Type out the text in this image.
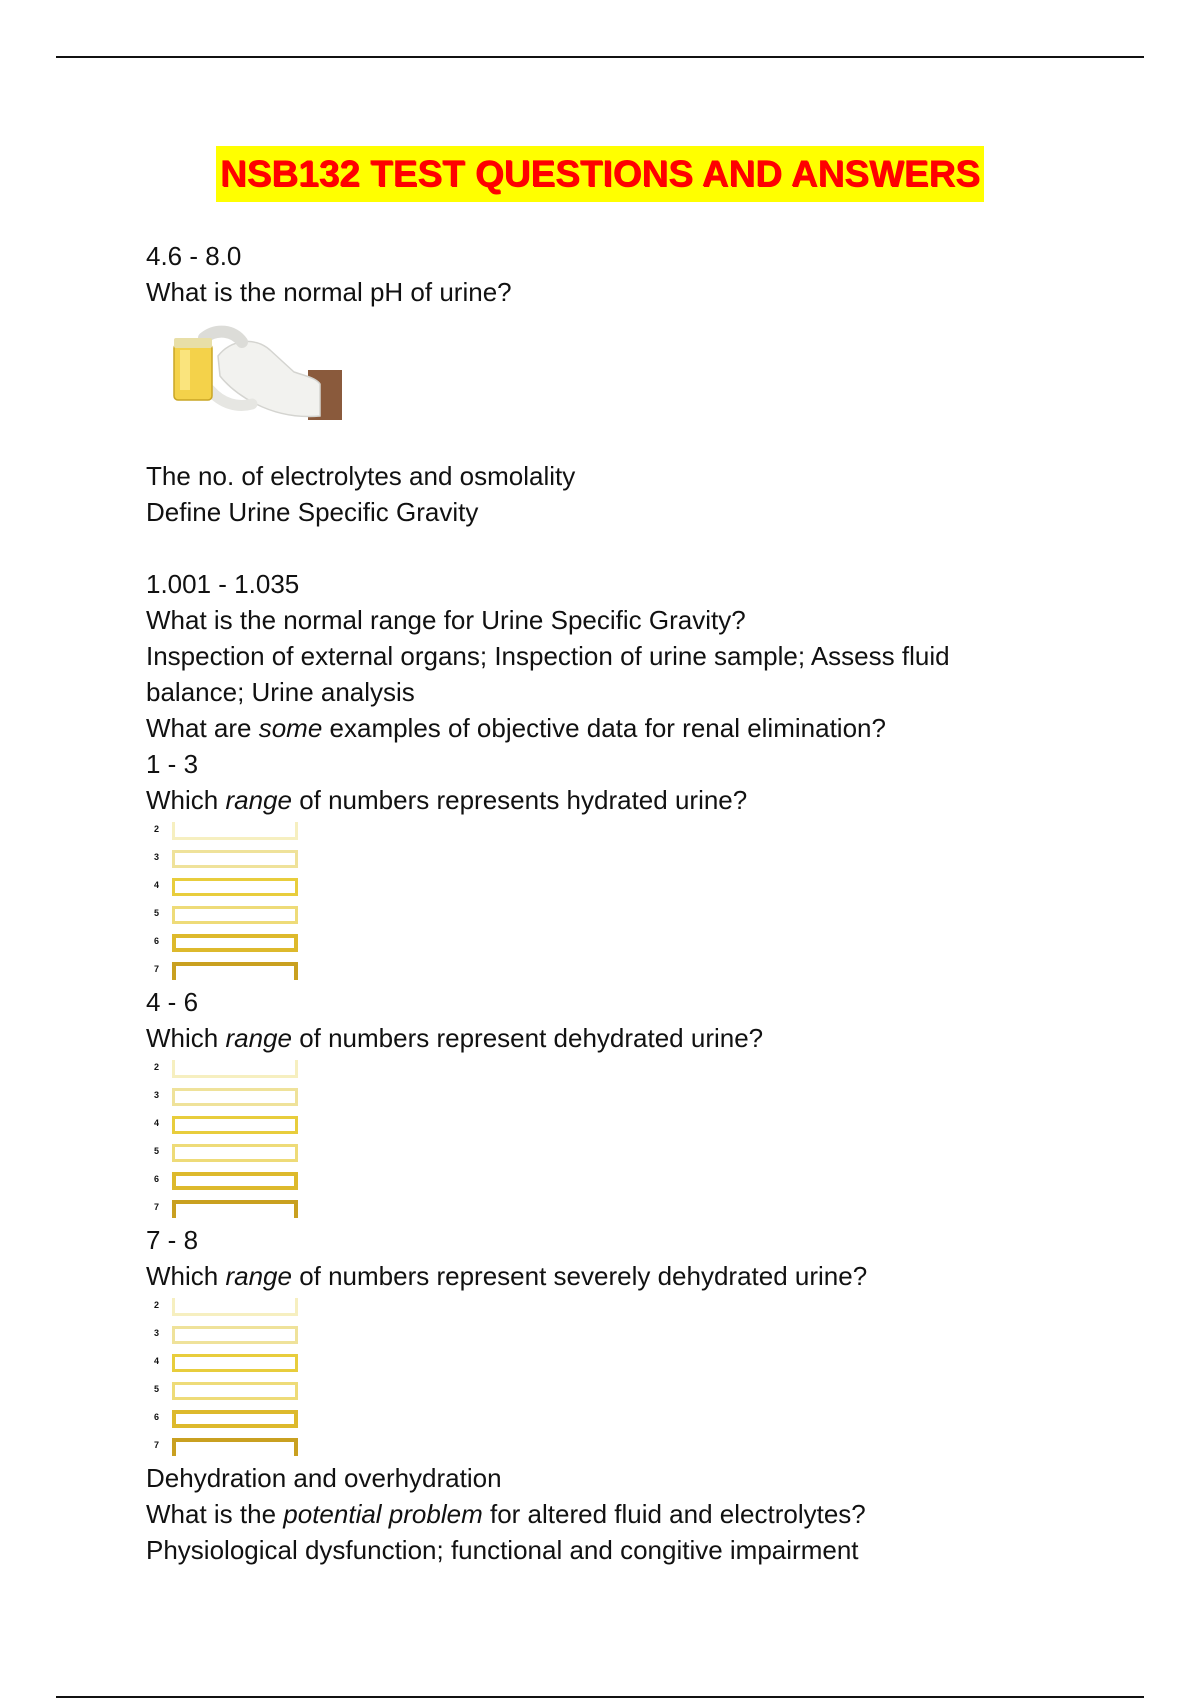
NSB132 TEST QUESTIONS AND ANSWERS
4.6 - 8.0
What is the normal pH of urine?
The no. of electrolytes and osmolality
Define Urine Specific Gravity
1.001 - 1.035
What is the normal range for Urine Specific Gravity?
Inspection of external organs; Inspection of urine sample; Assess fluid balance; Urine analysis
What are some examples of objective data for renal elimination?
1 - 3
Which range of numbers represents hydrated urine?
2
3
4
5
6
7
4 - 6
Which range of numbers represent dehydrated urine?
2
3
4
5
6
7
7 - 8
Which range of numbers represent severely dehydrated urine?
2
3
4
5
6
7
Dehydration and overhydration
What is the potential problem for altered fluid and electrolytes?
Physiological dysfunction; functional and congitive impairment
